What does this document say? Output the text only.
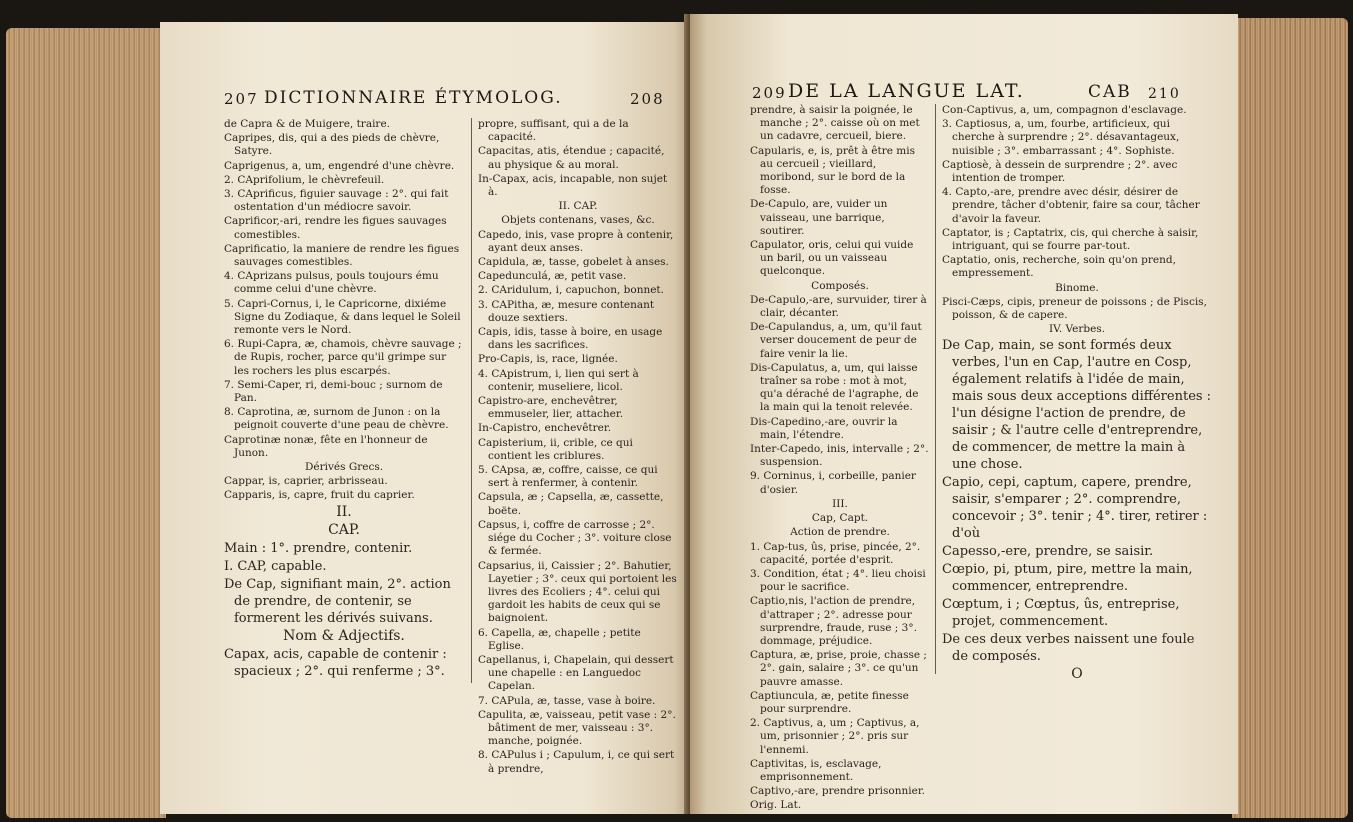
207 DICTIONNAIRE ÉTYMOLOG.	208

de Capra & de Muigere, traire.

Capripes, dis, qui a des pieds de chèvre, Satyre.

Caprigenus, a, um, engendré d'une chèvre.

2. CAprifolium, le chèvrefeuil.

3. CAprificus, figuier sauvage : 2°. qui fait ostentation d'un médiocre savoir.

Caprificor,-ari, rendre les figues sauvages comestibles.

Caprificatio, la maniere de rendre les figues sauvages comestibles.

4. CAprizans pulsus, pouls toujours ému comme celui d'une chèvre.

5. Capri-Cornus, i, le Capricorne, dixiéme Signe du Zodiaque, & dans lequel le Soleil remonte vers le Nord.

6. Rupi-Capra, æ, chamois, chèvre sauvage ; de Rupis, rocher, parce qu'il grimpe sur les rochers les plus escarpés.

7. Semi-Caper, ri, demi-bouc ; surnom de Pan.

8. Caprotina, æ, surnom de Junon : on la peignoit couverte d'une peau de chèvre.

Caprotinæ nonæ, fête en l'honneur de Junon.

Dérivés Grecs.

Cappar, is, caprier, arbrisseau.

Capparis, is, capre, fruit du caprier.

II.

CAP.

Main : 1°. prendre, contenir.

I. CAP, capable.

De Cap, signifiant main, 2°. action de prendre, de contenir, se formerent les dérivés suivans.

Nom & Adjectifs.

Capax, acis, capable de contenir : spacieux ; 2°. qui renferme ; 3°.

propre, suffisant, qui a de la capacité.

Capacitas, atis, étendue ; capacité, au physique & au moral.

In-Capax, acis, incapable, non sujet à.

II. CAP.

Objets contenans, vases, &c.

Capedo, inis, vase propre à contenir, ayant deux anses.

Capidula, æ, tasse, gobelet à anses.

Capedunculá, æ, petit vase.

2. CAridulum, i, capuchon, bonnet.

3. CAPitha, æ, mesure contenant douze sextiers.

Capis, idis, tasse à boire, en usage dans les sacrifices.

Pro-Capis, is, race, lignée.

4. CApistrum, i, lien qui sert à contenir, museliere, licol.

Capistro-are, enchevêtrer, emmuseler, lier, attacher.

In-Capistro, enchevêtrer.

Capisterium, ii, crible, ce qui contient les criblures.

5. CApsa, æ, coffre, caisse, ce qui sert à renfermer, à contenir.

Capsula, æ ; Capsella, æ, cassette, boëte.

Capsus, i, coffre de carrosse ; 2°. siége du Cocher ; 3°. voiture close & fermée.

Capsarius, ii, Caissier ; 2°. Bahutier, Layetier ; 3°. ceux qui portoient les livres des Ecoliers ; 4°. celui qui gardoit les habits de ceux qui se baignoient.

6. Capella, æ, chapelle ; petite Eglise.

Capellanus, i, Chapelain, qui dessert une chapelle : en Languedoc Capelan.

7. CAPula, æ, tasse, vase à boire.

Capulita, æ, vaisseau, petit vase : 2°. bâtiment de mer, vaisseau : 3°. manche, poignée.

8. CAPulus i ; Capulum, i, ce qui sert à prendre,

209 DE LA LANGUE LAT.	CAB 210

prendre, à saisir la poignée, le manche ; 2°. caisse où on met un cadavre, cercueil, biere.

Capularis, e, is, prêt à être mis au cercueil ; vieillard, moribond, sur le bord de la fosse.

De-Capulo, are, vuider un vaisseau, une barrique, soutirer.

Capulator, oris, celui qui vuide un baril, ou un vaisseau quelconque.

Composés.

De-Capulo,-are, survuider, tirer à clair, décanter.

De-Capulandus, a, um, qu'il faut verser doucement de peur de faire venir la lie.

Dis-Capulatus, a, um, qui laisse traîner sa robe : mot à mot, qu'a déraché de l'agraphe, de la main qui la tenoit relevée.

Dis-Capedino,-are, ouvrir la main, l'étendre.

Inter-Capedo, inis, intervalle ; 2°. suspension.

9. Corninus, i, corbeille, panier d'osier.

III.

Cap, Capt.

Action de prendre.

1. Cap-tus, ûs, prise, pincée, 2°. capacité, portée d'esprit.

3. Condition, état ; 4°. lieu choisi pour le sacrifice.

Captio,nis, l'action de prendre, d'attraper ; 2°. adresse pour surprendre, fraude, ruse ; 3°. dommage, préjudice.

Captura, æ, prise, proie, chasse ; 2°. gain, salaire ; 3°. ce qu'un pauvre amasse.

Captiuncula, æ, petite finesse pour surprendre.

2. Captivus, a, um ; Captivus, a, um, prisonnier ; 2°. pris sur l'ennemi.

Captivitas, is, esclavage, emprisonnement.

Captivo,-are, prendre prisonnier.

Orig. Lat.

Con-Captivus, a, um, compagnon d'esclavage.

3. Captiosus, a, um, fourbe, artificieux, qui cherche à surprendre ; 2°. désavantageux, nuisible ; 3°. embarrassant ; 4°. Sophiste.

Captiosè, à dessein de surprendre ; 2°. avec intention de tromper.

4. Capto,-are, prendre avec désir, désirer de prendre, tâcher d'obtenir, faire sa cour, tâcher d'avoir la faveur.

Captator, is ; Captatrix, cis, qui cherche à saisir, intriguant, qui se fourre par-tout.

Captatio, onis, recherche, soin qu'on prend, empressement.

Binome.

Pisci-Cæps, cipis, preneur de poissons ; de Piscis, poisson, & de capere.

IV. Verbes.

De Cap, main, se sont formés deux verbes, l'un en Cap, l'autre en Cosp, également relatifs à l'idée de main, mais sous deux acceptions différentes : l'un désigne l'action de prendre, de saisir ; & l'autre celle d'entreprendre, de commencer, de mettre la main à une chose.

Capio, cepi, captum, capere, prendre, saisir, s'emparer ; 2°. comprendre, concevoir ; 3°. tenir ; 4°. tirer, retirer : d'où

Capesso,-ere, prendre, se saisir.

Cœpio, pi, ptum, pire, mettre la main, commencer, entreprendre.

Cœptum, i ; Cœptus, ûs, entreprise, projet, commencement.

De ces deux verbes naissent une foule de composés.

O
